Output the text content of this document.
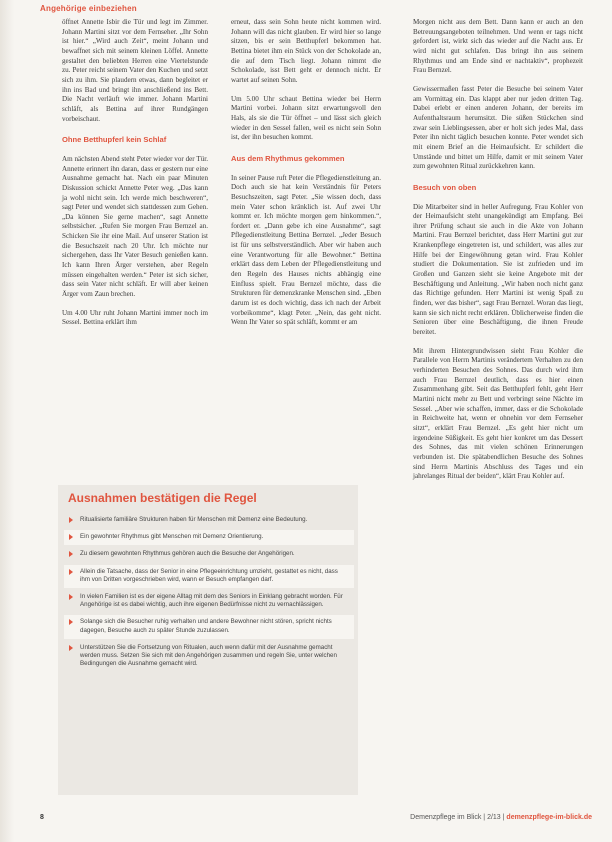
Angehörige einbeziehen

öffnet Annette Isbir die Tür und legt im Zimmer. Johann Martini sitzt vor dem Fernseher. „Ihr Sohn ist hier.“ „Wird auch Zeit“, meint Johann und bewaffnet sich mit seinem kleinen Löffel. Annette gestaltet den beliebten Herren eine Viertelstunde zu. Peter reicht seinem Vater den Kuchen und setzt sich zu ihm. Sie plaudern etwas, dann begleitet er ihn ins Bad und bringt ihn anschließend ins Bett. Die Nacht verläuft wie immer. Johann Martini schläft, als Bettina auf ihrer Rundgängen vorbeischaut.

Ohne Betthupferl kein Schlaf

Am nächsten Abend steht Peter wieder vor der Tür. Annette erinnert ihn daran, dass er gestern nur eine Ausnahme gemacht hat. Nach ein paar Minuten Diskussion schickt Annette Peter weg. „Das kann ja wohl nicht sein. Ich werde mich beschweren“, sagt Peter und wendet sich stattdessen zum Gehen. „Da können Sie gerne machen“, sagt Annette selbstsicher. „Rufen Sie morgen Frau Bernzel an. Schicken Sie ihr eine Mail. Auf unserer Station ist die Besuchszeit nach 20 Uhr. Ich möchte nur sichergehen, dass Ihr Vater Besuch genießen kann. Ich kann Ihren Ärger verstehen, aber Regeln müssen eingehalten werden.“ Peter ist sich sicher, dass sein Vater nicht schläft. Er will aber keinen Ärger vom Zaun brechen.

Um 4.00 Uhr ruht Johann Martini immer noch im Sessel. Bettina erklärt ihm

erneut, dass sein Sohn heute nicht kommen wird. Johann will das nicht glauben. Er wird hier so lange sitzen, bis er sein Betthupferl bekommen hat. Bettina bietet ihm ein Stück von der Schokolade an, die auf dem Tisch liegt. Johann nimmt die Schokolade, isst Bett geht er dennoch nicht. Er wartet auf seinen Sohn.

Um 5.00 Uhr schaut Bettina wieder bei Herrn Martini vorbei. Johann sitzt erwartungsvoll den Hals, als sie die Tür öffnet – und lässt sich gleich wieder in den Sessel fallen, weil es nicht sein Sohn ist, der ihn besuchen kommt.

Aus dem Rhythmus gekommen

In seiner Pause ruft Peter die Pflegedienstleitung an. Doch auch sie hat kein Verständnis für Peters Besuchszeiten, sagt Peter. „Sie wissen doch, dass mein Vater schon kränklich ist. Auf zwei Uhr kommt er. Ich möchte morgen gern hinkommen.“, fordert er. „Dann gebe ich eine Ausnahme“, sagt Pflegedienstleitung Bettina Bernzel. „Jeder Besuch ist für uns selbstverständlich. Aber wir haben auch eine Verantwortung für alle Bewohner.“ Bettina erklärt dass dem Leben der Pflegedienstleitung und den Regeln des Hauses nichts abhängig eine Einfluss spielt. Frau Bernzel möchte, dass die Strukturen für demenzkranke Menschen sind. „Eben darum ist es doch wichtig, dass ich nach der Arbeit vorbeikomme“, klagt Peter. „Nein, das geht nicht. Wenn Ihr Vater so spät schläft, kommt er am

Morgen nicht aus dem Bett. Dann kann er auch an den Betreuungsangeboten teilnehmen. Und wenn er tags nicht gefordert ist, wirkt sich das wieder auf die Nacht aus. Er wird nicht gut schlafen. Das bringt ihn aus seinem Rhythmus und am Ende sind er nachtaktiv“, prophezeit Frau Bernzel.

Gewissermaßen fasst Peter die Besuche bei seinem Vater am Vormittag ein. Das klappt aber nur jeden dritten Tag. Dabei erlebt er einen anderen Johann, der bereits im Aufenthaltsraum herumsitzt. Die süßen Stückchen sind zwar sein Lieblingsessen, aber er holt sich jedes Mal, dass Peter ihn nicht täglich besuchen konnte. Peter wendet sich mit einem Brief an die Heimaufsicht. Er schildert die Umstände und bittet um Hilfe, damit er mit seinem Vater zum gewohnten Ritual zurückkehren kann.

Besuch von oben

Die Mitarbeiter sind in heller Aufregung. Frau Kohler von der Heimaufsicht steht unangekündigt am Empfang. Bei ihrer Prüfung schaut sie auch in die Akte von Johann Martini. Frau Bernzel berichtet, dass Herr Martini gut zur Krankenpflege eingetreten ist, und schildert, was alles zur Hilfe bei der Eingewöhnung getan wird. Frau Kohler studiert die Dokumentation. Sie ist zufrieden und im Großen und Ganzen sieht sie keine Angebote mit der Beschäftigung und Anleitung. „Wir haben noch nicht ganz das Richtige gefunden. Herr Martini ist wenig Spaß zu finden, wer das bisher“, sagt Frau Bernzel. Woran das liegt, kann sie sich nicht recht erklären. Üblicherweise finden die Senioren über eine Beschäftigung, die ihnen Freude bereitet.

Mit ihrem Hintergrundwissen sieht Frau Kohler die Parallele von Herrn Martinis verändertem Verhalten zu den verhinderten Besuchen des Sohnes. Das durch wird ihm auch Frau Bernzel deutlich, dass es hier einen Zusammenhang gibt. Seit das Betthupferl fehlt, geht Herr Martini nicht mehr zu Bett und verbringt seine Nächte im Sessel. „Aber wie schaffen, immer, dass er die Schokolade in Reichweite hat, wenn er ohnehin vor dem Fernseher sitzt“, erklärt Frau Bernzel. „Es geht hier nicht um irgendeine Süßigkeit. Es geht hier konkret um das Dessert des Sohnes, das mit vielen schönen Erinnerungen verbunden ist. Die spätabendlichen Besuche des Sohnes sind Herrn Martinis Abschluss des Tages und ein jahrelanges Ritual der beiden“, klärt Frau Kohler auf.

Ausnahmen bestätigen die Regel
Ritualisierte familiäre Strukturen haben für Menschen mit Demenz eine Bedeutung.
Ein gewohnter Rhythmus gibt Menschen mit Demenz Orientierung.
Zu diesem gewohnten Rhythmus gehören auch die Besuche der Angehörigen.
Allein die Tatsache, dass der Senior in eine Pflegeeinrichtung umzieht, gestattet es nicht, dass ihm von Dritten vorgeschrieben wird, wann er Besuch empfangen darf.
In vielen Familien ist es der eigene Alltag mit dem des Seniors in Einklang gebracht worden. Für Angehörige ist es dabei wichtig, auch ihre eigenen Bedürfnisse nicht zu vernachlässigen.
Solange sich die Besucher ruhig verhalten und andere Bewohner nicht stören, spricht nichts dagegen, Besuche auch zu später Stunde zuzulassen.
Unterstützen Sie die Fortsetzung von Ritualen, auch wenn dafür mit der Ausnahme gemacht werden muss. Setzen Sie sich mit den Angehörigen zusammen und regeln Sie, unter welchen Bedingungen die Ausnahme gemacht wird.
8	Demenzpflege im Blick | 2/13 | demenzpflege-im-blick.de
